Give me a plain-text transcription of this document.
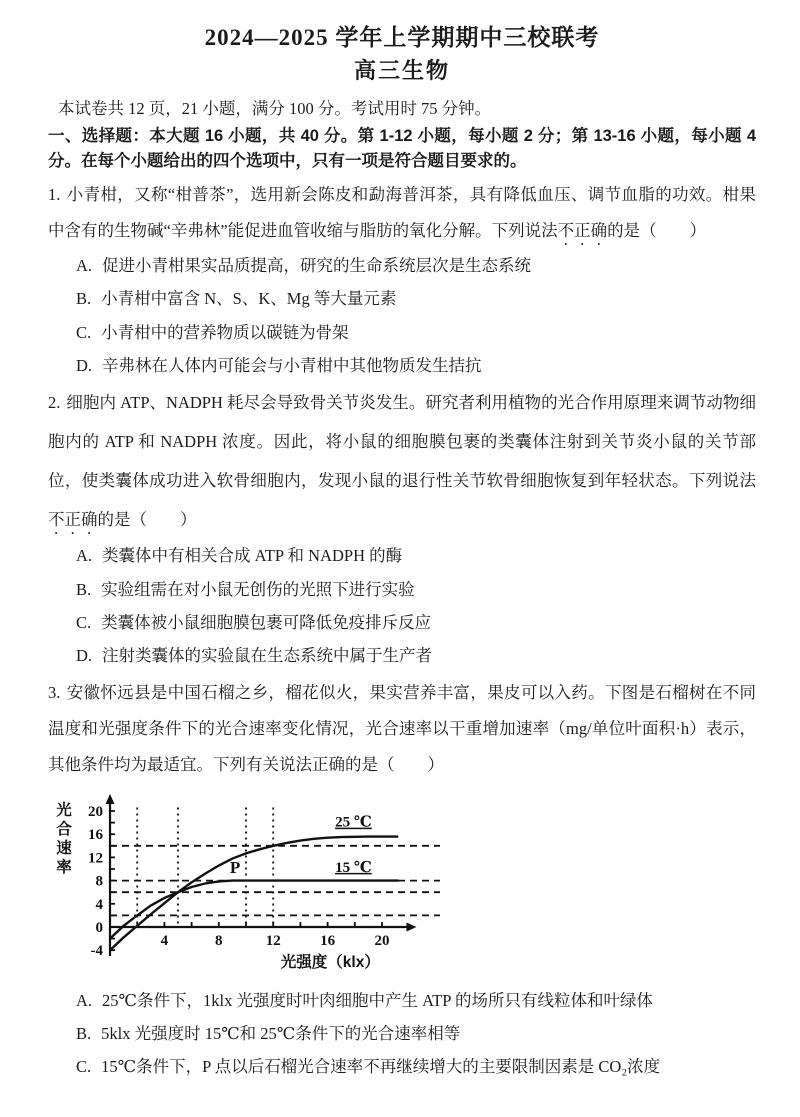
2024—2025 学年上学期期中三校联考
高三生物

本试卷共 12 页，21 小题，满分 100 分。考试用时 75 分钟。

一、选择题：本大题 16 小题，共 40 分。第 1-12 小题，每小题 2 分；第 13-16 小题，每小题 4 分。在每个小题给出的四个选项中，只有一项是符合题目要求的。

1. 小青柑，又称“柑普茶”，选用新会陈皮和勐海普洱茶，具有降低血压、调节血脂的功效。柑果中含有的生物碱“辛弗林”能促进血管收缩与脂肪的氧化分解。下列说法不正确的是（　　）

A. 促进小青柑果实品质提高，研究的生命系统层次是生态系统

B. 小青柑中富含 N、S、K、Mg 等大量元素

C. 小青柑中的营养物质以碳链为骨架

D. 辛弗林在人体内可能会与小青柑中其他物质发生拮抗

2. 细胞内 ATP、NADPH 耗尽会导致骨关节炎发生。研究者利用植物的光合作用原理来调节动物细胞内的 ATP 和 NADPH 浓度。因此，将小鼠的细胞膜包裹的类囊体注射到关节炎小鼠的关节部位，使类囊体成功进入软骨细胞内，发现小鼠的退行性关节软骨细胞恢复到年轻状态。下列说法不正确的是（　　）

A. 类囊体中有相关合成 ATP 和 NADPH 的酶

B. 实验组需在对小鼠无创伤的光照下进行实验

C. 类囊体被小鼠细胞膜包裹可降低免疫排斥反应

D. 注射类囊体的实验鼠在生态系统中属于生产者

3. 安徽怀远县是中国石榴之乡，榴花似火，果实营养丰富，果皮可以入药。下图是石榴树在不同温度和光强度条件下的光合速率变化情况，光合速率以干重增加速率（mg/单位叶面积·h）表示，其他条件均为最适宜。下列有关说法正确的是（　　）

4	8	12	16	20
-4
0
4
8
12
16
20
光
合
速
率
光强度（klx）
25 ℃
15 ℃
P

A. 25℃条件下，1klx 光强度时叶肉细胞中产生 ATP 的场所只有线粒体和叶绿体

B. 5klx 光强度时 15℃和 25℃条件下的光合速率相等

C. 15℃条件下，P 点以后石榴光合速率不再继续增大的主要限制因素是 CO₂浓度
